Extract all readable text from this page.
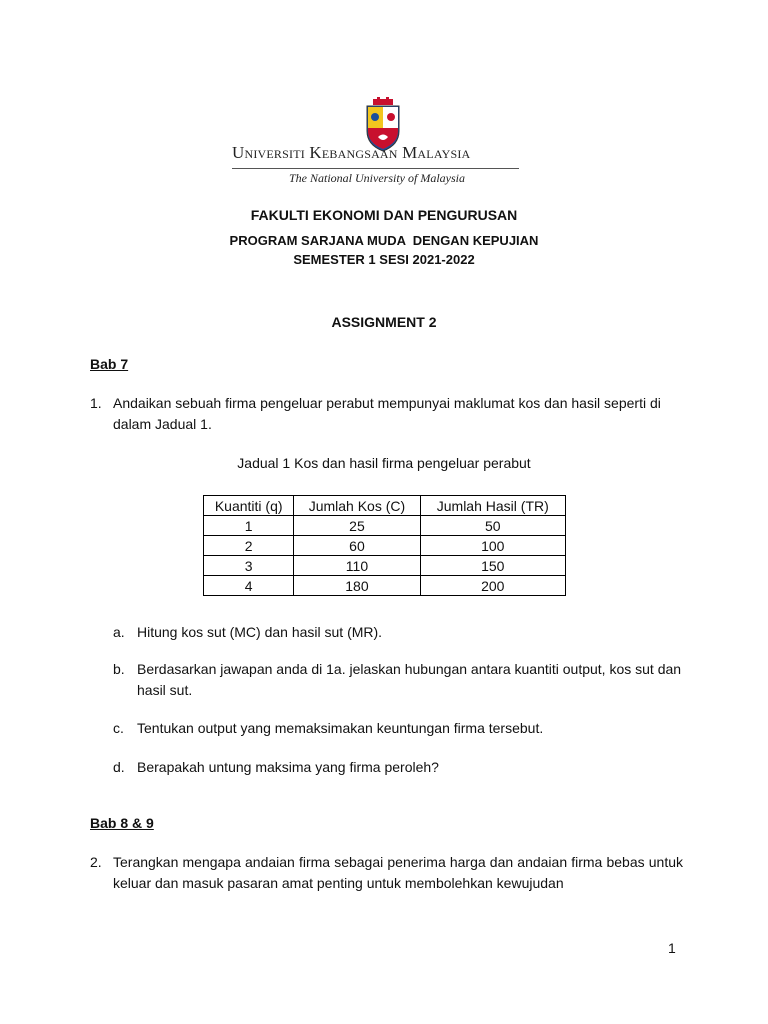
Universiti Kebangsaan Malaysia
The National University of Malaysia
FAKULTI EKONOMI DAN PENGURUSAN
PROGRAM SARJANA MUDA  DENGAN KEPUJIAN
SEMESTER 1 SESI 2021-2022
ASSIGNMENT 2
Bab 7
1. Andaikan sebuah firma pengeluar perabut mempunyai maklumat kos dan hasil seperti di dalam Jadual 1.
Jadual 1 Kos dan hasil firma pengeluar perabut
Kuantiti (q)	Jumlah Kos (C)	Jumlah Hasil (TR)
1	25	50
2	60	100
3	110	150
4	180	200
a. Hitung kos sut (MC) dan hasil sut (MR).
b. Berdasarkan jawapan anda di 1a. jelaskan hubungan antara kuantiti output, kos sut dan hasil sut.
c. Tentukan output yang memaksimakan keuntungan firma tersebut.
d. Berapakah untung maksima yang firma peroleh?
Bab 8 & 9
2. Terangkan mengapa andaian firma sebagai penerima harga dan andaian firma bebas untuk keluar dan masuk pasaran amat penting untuk membolehkan kewujudan
1
